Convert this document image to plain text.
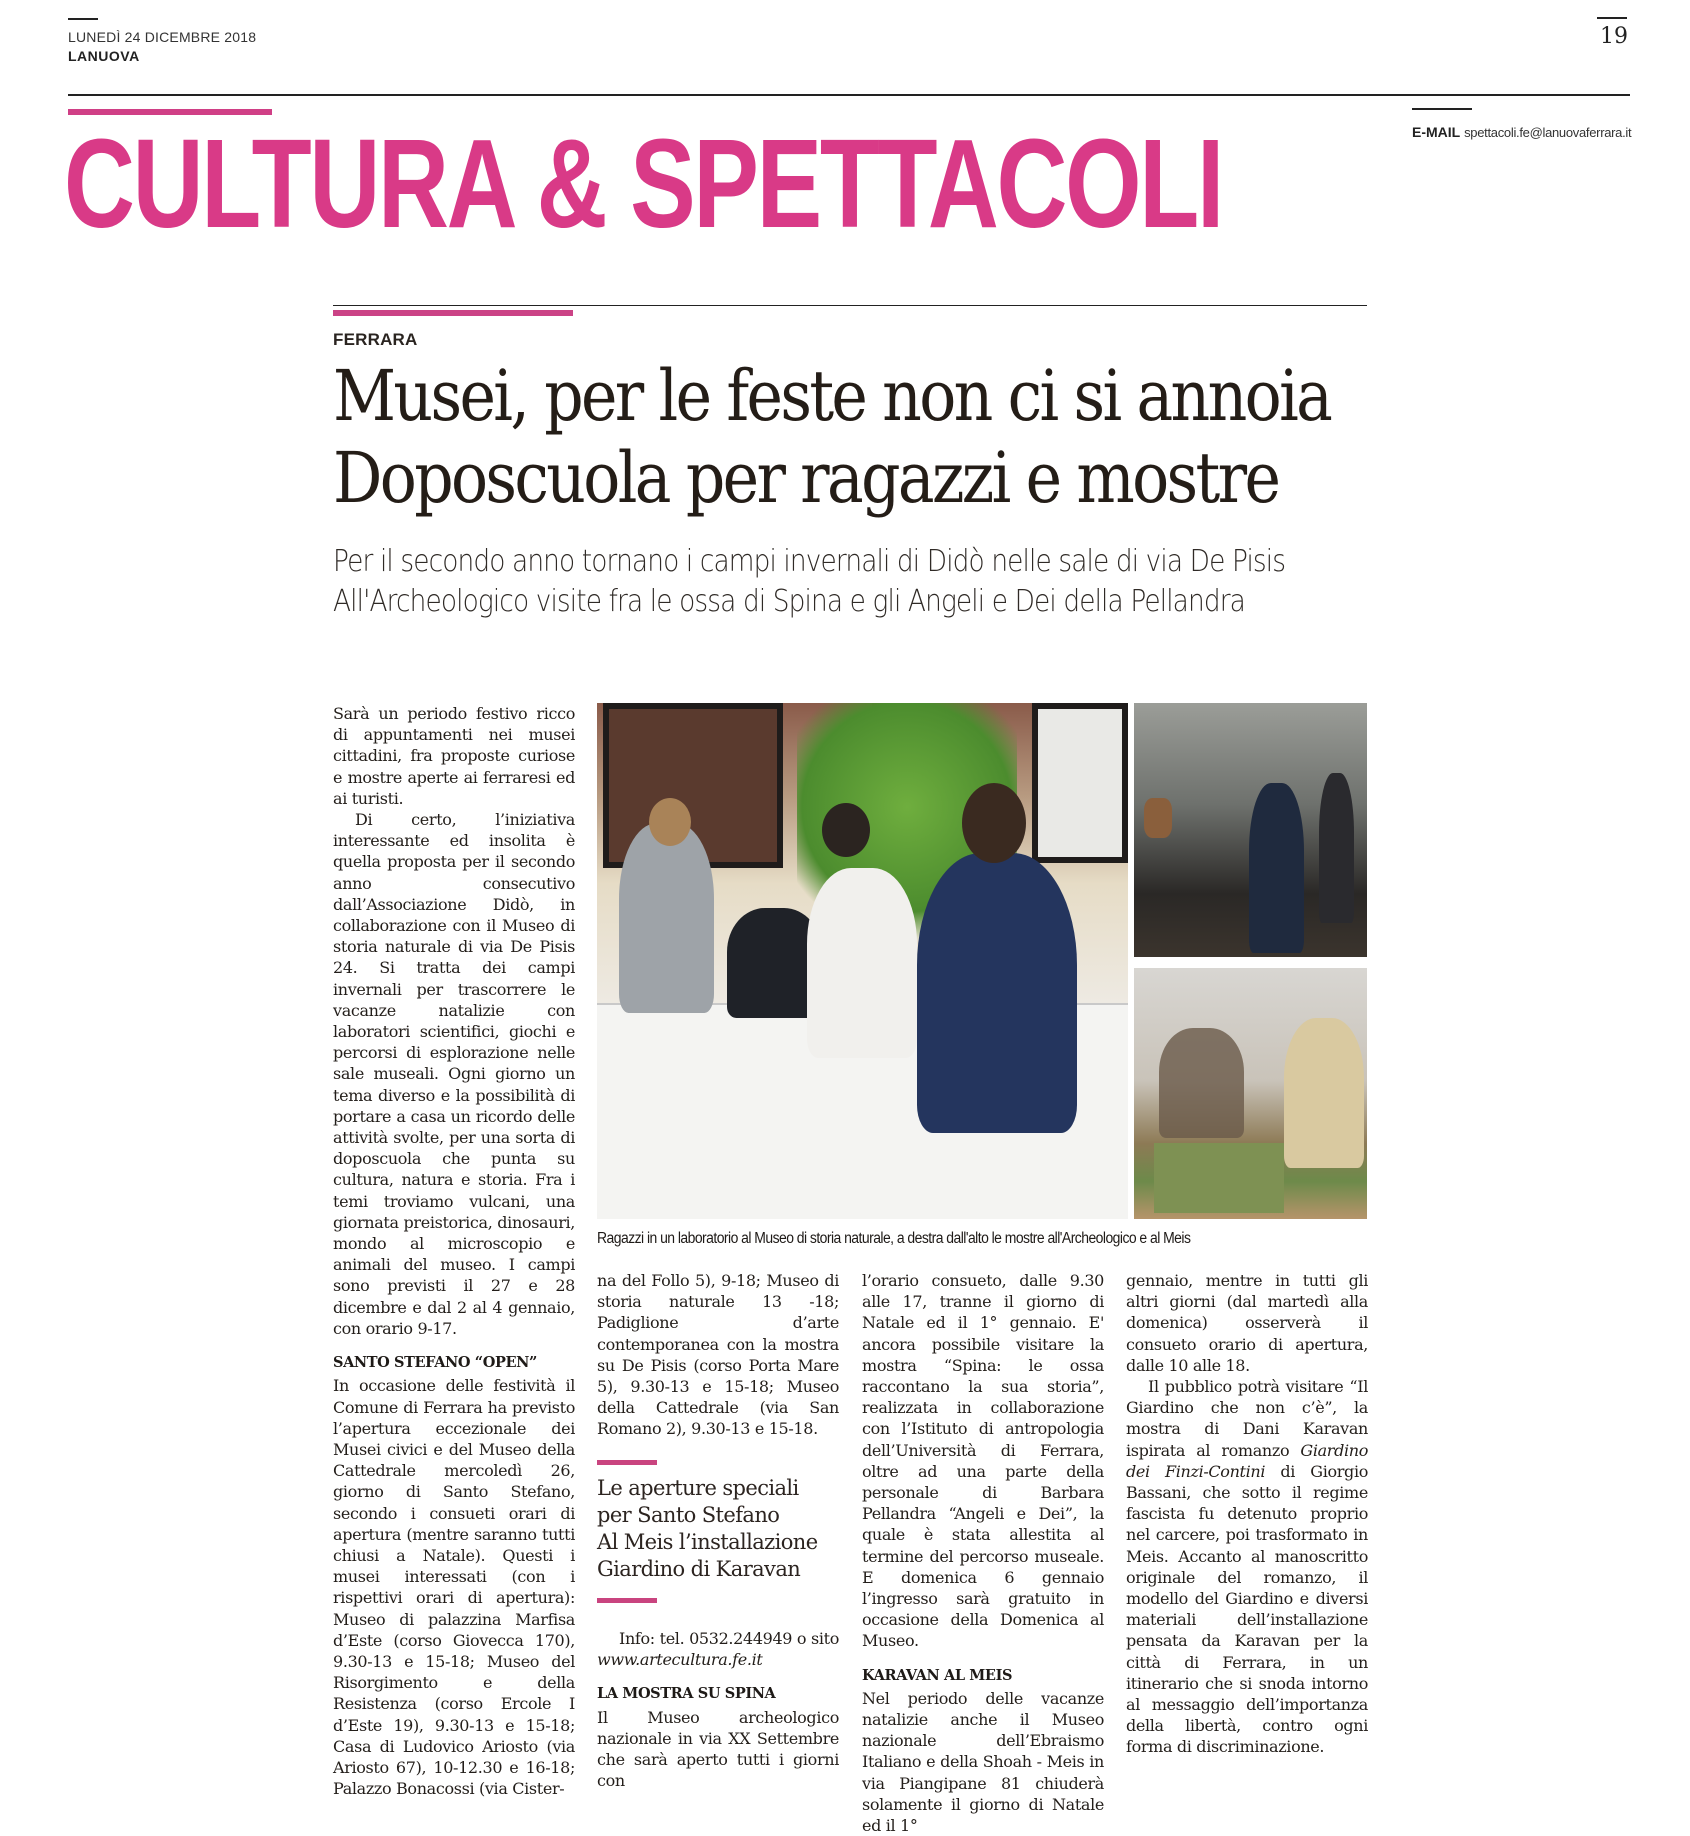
LUNEDÌ 24 DICEMBRE 2018
LANUOVA
19
CULTURA & SPETTACOLI	E-MAIL spettacoli.fe@lanuovaferrara.it
FERRARA
Musei, per le feste non ci si annoia
Doposcuola per ragazzi e mostre
Per il secondo anno tornano i campi invernali di Didò nelle sale di via De Pisis
All'Archeologico visite fra le ossa di Spina e gli Angeli e Dei della Pellandra
Ragazzi in un laboratorio al Museo di storia naturale, a destra dall'alto le mostre all'Archeologico e al Meis

Sarà un periodo festivo ricco di appuntamenti nei musei cittadini, fra proposte curiose e mostre aperte ai ferraresi ed ai turisti.

Di certo, l’iniziativa interessante ed insolita è quella proposta per il secondo anno consecutivo dall’Associazione Didò, in collaborazione con il Museo di storia naturale di via De Pisis 24. Si tratta dei campi invernali per trascorrere le vacanze natalizie con laboratori scientifici, giochi e percorsi di esplorazione nelle sale museali. Ogni giorno un tema diverso e la possibilità di portare a casa un ricordo delle attività svolte, per una sorta di doposcuola che punta su cultura, natura e storia. Fra i temi troviamo vulcani, una giornata preistorica, dinosauri, mondo al microscopio e animali del museo. I campi sono previsti il 27 e 28 dicembre e dal 2 al 4 gennaio, con orario 9-17.

SANTO STEFANO “OPEN”

In occasione delle festività il Comune di Ferrara ha previsto l’apertura eccezionale dei Musei civici e del Museo della Cattedrale mercoledì 26, giorno di Santo Stefano, secondo i consueti orari di apertura (mentre saranno tutti chiusi a Natale). Questi i musei interessati (con i rispettivi orari di apertura): Museo di palazzina Marfisa d’Este (corso Giovecca 170), 9.30-13 e 15-18; Museo del Risorgimento e della Resistenza (corso Ercole I d’Este 19), 9.30-13 e 15-18; Casa di Ludovico Ariosto (via Ariosto 67), 10-12.30 e 16-18; Palazzo Bonacossi (via Cister-

na del Follo 5), 9-18; Museo di storia naturale 13 -18; Padiglione d’arte contemporanea con la mostra su De Pisis (corso Porta Mare 5), 9.30-13 e 15-18; Museo della Cattedrale (via San Romano 2), 9.30-13 e 15-18.

Le aperture speciali
per Santo Stefano
Al Meis l’installazione
Giardino di Karavan

Info: tel. 0532.244949 o sito www.artecultura.fe.it

LA MOSTRA SU SPINA

Il Museo archeologico nazionale in via XX Settembre che sarà aperto tutti i giorni con

l’orario consueto, dalle 9.30 alle 17, tranne il giorno di Natale ed il 1° gennaio. E' ancora possibile visitare la mostra “Spina: le ossa raccontano la sua storia”, realizzata in collaborazione con l’Istituto di antropologia dell’Università di Ferrara, oltre ad una parte della personale di Barbara Pellandra “Angeli e Dei”, la quale è stata allestita al termine del percorso museale. E domenica 6 gennaio l’ingresso sarà gratuito in occasione della Domenica al Museo.

KARAVAN AL MEIS

Nel periodo delle vacanze natalizie anche il Museo nazionale dell’Ebraismo Italiano e della Shoah - Meis in via Piangipane 81 chiuderà solamente il giorno di Natale ed il 1°

gennaio, mentre in tutti gli altri giorni (dal martedì alla domenica) osserverà il consueto orario di apertura, dalle 10 alle 18.

Il pubblico potrà visitare “Il Giardino che non c’è”, la mostra di Dani Karavan ispirata al romanzo Giardino dei Finzi-Contini di Giorgio Bassani, che sotto il regime fascista fu detenuto proprio nel carcere, poi trasformato in Meis. Accanto al manoscritto originale del romanzo, il modello del Giardino e diversi materiali dell’installazione pensata da Karavan per la città di Ferrara, in un itinerario che si snoda intorno al messaggio dell’importanza della libertà, contro ogni forma di discriminazione.
